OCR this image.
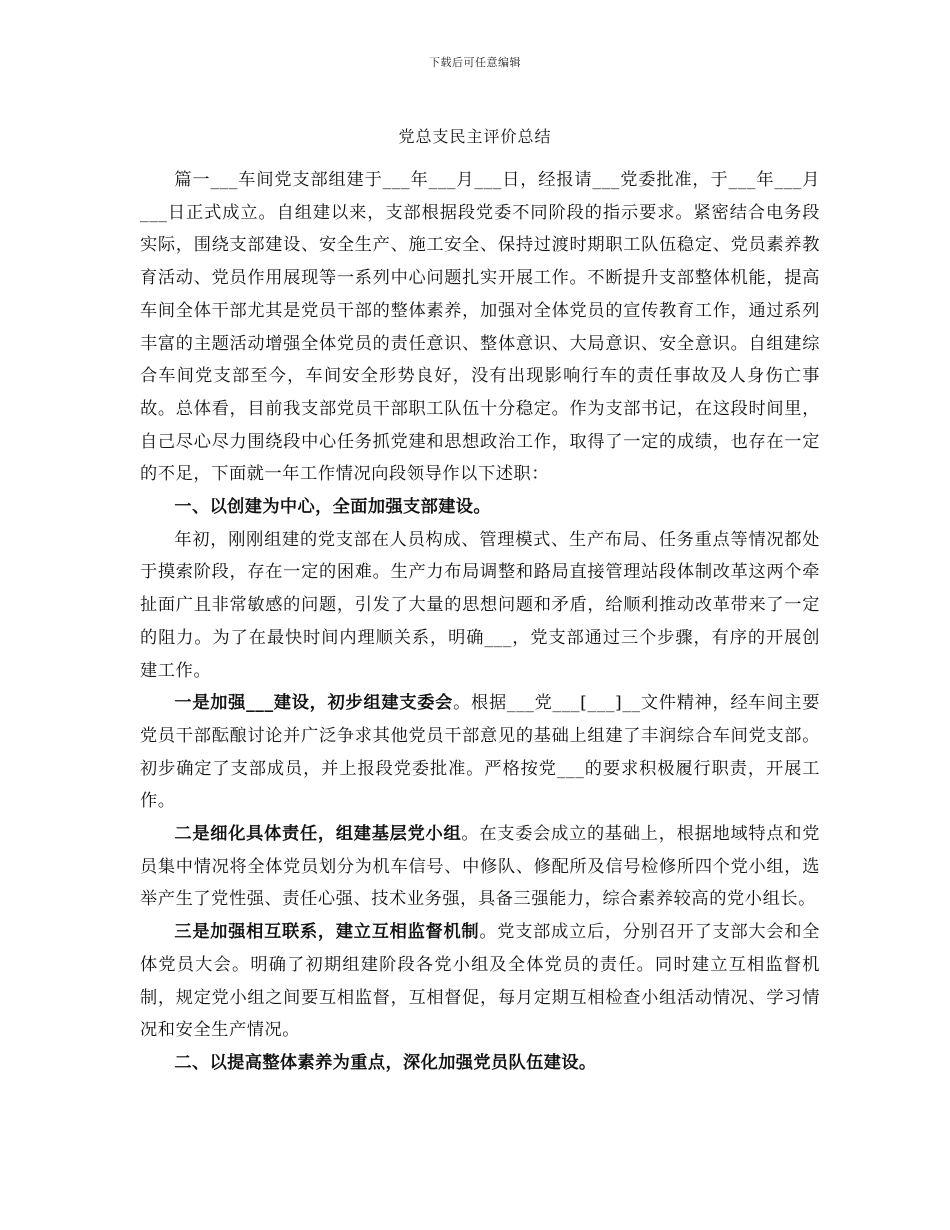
下载后可任意编辑
党总支民主评价总结

篇一___车间党支部组建于___年___月___日，经报请___党委批准，于___年___月___日正式成立。自组建以来，支部根据段党委不同阶段的指示要求。紧密结合电务段实际，围绕支部建设、安全生产、施工安全、保持过渡时期职工队伍稳定、党员素养教育活动、党员作用展现等一系列中心问题扎实开展工作。不断提升支部整体机能，提高车间全体干部尤其是党员干部的整体素养，加强对全体党员的宣传教育工作，通过系列丰富的主题活动增强全体党员的责任意识、整体意识、大局意识、安全意识。自组建综合车间党支部至今，车间安全形势良好，没有出现影响行车的责任事故及人身伤亡事故。总体看，目前我支部党员干部职工队伍十分稳定。作为支部书记，在这段时间里，自己尽心尽力围绕段中心任务抓党建和思想政治工作，取得了一定的成绩，也存在一定的不足，下面就一年工作情况向段领导作以下述职：

一、以创建为中心，全面加强支部建设。

年初，刚刚组建的党支部在人员构成、管理模式、生产布局、任务重点等情况都处于摸索阶段，存在一定的困难。生产力布局调整和路局直接管理站段体制改革这两个牵扯面广且非常敏感的问题，引发了大量的思想问题和矛盾，给顺利推动改革带来了一定的阻力。为了在最快时间内理顺关系，明确___，党支部通过三个步骤，有序的开展创建工作。

一是加强___建设，初步组建支委会。根据___党___[___]__文件精神，经车间主要党员干部酝酿讨论并广泛争求其他党员干部意见的基础上组建了丰润综合车间党支部。初步确定了支部成员，并上报段党委批准。严格按党___的要求积极履行职责，开展工作。

二是细化具体责任，组建基层党小组。在支委会成立的基础上，根据地域特点和党员集中情况将全体党员划分为机车信号、中修队、修配所及信号检修所四个党小组，选举产生了党性强、责任心强、技术业务强，具备三强能力，综合素养较高的党小组长。

三是加强相互联系，建立互相监督机制。党支部成立后，分别召开了支部大会和全体党员大会。明确了初期组建阶段各党小组及全体党员的责任。同时建立互相监督机制，规定党小组之间要互相监督，互相督促，每月定期互相检查小组活动情况、学习情况和安全生产情况。

二、以提高整体素养为重点，深化加强党员队伍建设。
